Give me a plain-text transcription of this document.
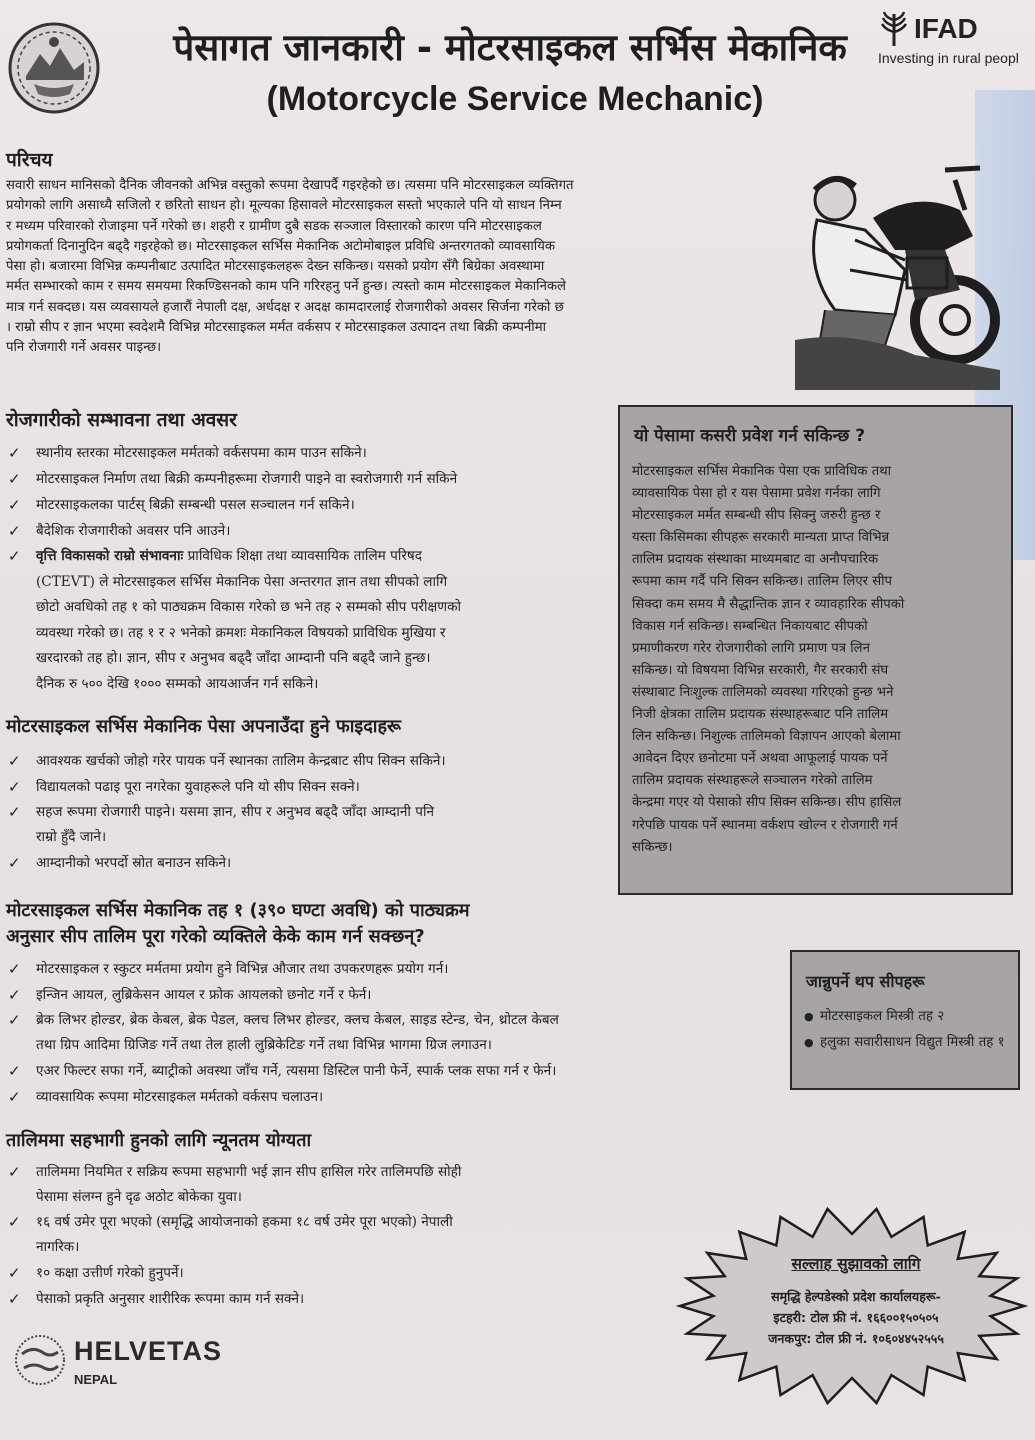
पेसागत जानकारी - मोटरसाइकल सर्भिस मेकानिक
(Motorcycle Service Mechanic)
IFAD
Investing in rural peopl
परिचय
सवारी साधन मानिसको दैनिक जीवनको अभिन्न वस्तुको रूपमा देखापर्दै गइरहेको छ। त्यसमा पनि मोटरसाइकल व्यक्तिगत
प्रयोगको लागि असाध्यै सजिलो र छरितो साधन हो। मूल्यका हिसावले मोटरसाइकल सस्तो भएकाले पनि यो साधन निम्न
र मध्यम परिवारको रोजाइमा पर्ने गरेको छ। शहरी र ग्रामीण दुबै सडक सञ्जाल विस्तारको कारण पनि मोटरसाइकल
प्रयोगकर्ता दिनानुदिन बढ्दै गइरहेको छ। मोटरसाइकल सर्भिस मेकानिक अटोमोबाइल प्रविधि अन्तरगतको व्यावसायिक
पेसा हो। बजारमा विभिन्न कम्पनीबाट उत्पादित मोटरसाइकलहरू देख्न सकिन्छ। यसको प्रयोग सँगै बिग्रेका अवस्थामा
मर्मत सम्भारको काम र समय समयमा रिकण्डिसनको काम पनि गरिरहनु पर्ने हुन्छ। त्यस्तो काम मोटरसाइकल मेकानिकले
मात्र गर्न सक्दछ। यस व्यवसायले हजारौं नेपाली दक्ष, अर्धदक्ष र अदक्ष कामदारलाई रोजगारीको अवसर सिर्जना गरेको छ
। राम्रो सीप र ज्ञान भएमा स्वदेशमै विभिन्न मोटरसाइकल मर्मत वर्कसप र मोटरसाइकल उत्पादन तथा बिक्री कम्पनीमा
पनि रोजगारी गर्ने अवसर पाइन्छ।
रोजगारीको सम्भावना तथा अवसर
✓ स्थानीय स्तरका मोटरसाइकल मर्मतको वर्कसपमा काम पाउन सकिने।
✓ मोटरसाइकल निर्माण तथा बिक्री कम्पनीहरूमा रोजगारी पाइने वा स्वरोजगारी गर्न सकिने
✓ मोटरसाइकलका पार्टस् बिक्री सम्बन्धी पसल सञ्चालन गर्न सकिने।
✓ बैदेशिक रोजगारीको अवसर पनि आउने।
✓ वृत्ति विकासको राम्रो संभावनाः प्राविधिक शिक्षा तथा व्यावसायिक तालिम परिषद
(CTEVT) ले मोटरसाइकल सर्भिस मेकानिक पेसा अन्तरगत ज्ञान तथा सीपको लागि
छोटो अवधिको तह १ को पाठ्यक्रम विकास गरेको छ भने तह २ सम्मको सीप परीक्षणको
व्यवस्था गरेको छ। तह १ र २ भनेको क्रमशः मेकानिकल विषयको प्राविधिक मुखिया र
खरदारको तह हो। ज्ञान, सीप र अनुभव बढ्दै जाँदा आम्दानी पनि बढ्दै जाने हुन्छ।
दैनिक रु ५०० देखि १००० सम्मको आयआर्जन गर्न सकिने।
मोटरसाइकल सर्भिस मेकानिक पेसा अपनाउँदा हुने फाइदाहरू
✓ आवश्यक खर्चको जोहो गरेर पायक पर्ने स्थानका तालिम केन्द्रबाट सीप सिक्न सकिने।
✓ विद्यायलको पढाइ पूरा नगरेका युवाहरूले पनि यो सीप सिक्न सक्ने।
✓ सहज रूपमा रोजगारी पाइने। यसमा ज्ञान, सीप र अनुभव बढ्दै जाँदा आम्दानी पनि
राम्रो हुँदै जाने।
✓ आम्दानीको भरपर्दो स्रोत बनाउन सकिने।
मोटरसाइकल सर्भिस मेकानिक तह १ (३९० घण्टा अवधि) को पाठ्यक्रम
अनुसार सीप तालिम पूरा गरेको व्यक्तिले केके काम गर्न सक्छन्?
✓ मोटरसाइकल र स्कुटर मर्मतमा प्रयोग हुने विभिन्न औजार तथा उपकरणहरू प्रयोग गर्न।
✓ इन्जिन आयल, लुब्रिकेसन आयल र फ्रोक आयलको छनोट गर्ने र फेर्न।
✓ ब्रेक लिभर होल्डर, ब्रेक केबल, ब्रेक पेडल, क्लच लिभर होल्डर, क्लच केबल, साइड स्टेन्ड, चेन, थ्रोटल केबल
तथा ग्रिप आदिमा ग्रिजिङ गर्ने तथा तेल हाली लुब्रिकेटिङ गर्ने तथा विभिन्न भागमा ग्रिज लगाउन।
✓ एअर फिल्टर सफा गर्ने, ब्याट्रीको अवस्था जाँच गर्ने, त्यसमा डिस्टिल पानी फेर्ने, स्पार्क प्लक सफा गर्न र फेर्न।
✓ व्यावसायिक रूपमा मोटरसाइकल मर्मतको वर्कसप चलाउन।
तालिममा सहभागी हुनको लागि न्यूनतम योग्यता
✓ तालिममा नियमित र सक्रिय रूपमा सहभागी भई ज्ञान सीप हासिल गरेर तालिमपछि सोही
पेसामा संलग्न हुने दृढ अठोट बोकेका युवा।
✓ १६ वर्ष उमेर पूरा भएको (समृद्धि आयोजनाको हकमा १८ वर्ष उमेर पूरा भएको) नेपाली
नागरिक।
✓ १० कक्षा उत्तीर्ण गरेको हुनुपर्ने।
✓ पेसाको प्रकृति अनुसार शारीरिक रूपमा काम गर्न सक्ने।
यो पेसामा कसरी प्रवेश गर्न सकिन्छ ?
मोटरसाइकल सर्भिस मेकानिक पेसा एक प्राविधिक तथा
व्यावसायिक पेसा हो र यस पेसामा प्रवेश गर्नका लागि
मोटरसाइकल मर्मत सम्बन्धी सीप सिक्नु जरुरी हुन्छ र
यस्ता किसिमका सीपहरू सरकारी मान्यता प्राप्त विभिन्न
तालिम प्रदायक संस्थाका माध्यमबाट वा अनौपचारिक
रूपमा काम गर्दै पनि सिक्न सकिन्छ। तालिम लिएर सीप
सिक्दा कम समय मै सैद्धान्तिक ज्ञान र व्यावहारिक सीपको
विकास गर्न सकिन्छ। सम्बन्धित निकायबाट सीपको
प्रमाणीकरण गरेर रोजगारीको लागि प्रमाण पत्र लिन
सकिन्छ। यो विषयमा विभिन्न सरकारी, गैर सरकारी संघ
संस्थाबाट निःशुल्क तालिमको व्यवस्था गरिएको हुन्छ भने
निजी क्षेत्रका तालिम प्रदायक संस्थाहरूबाट पनि तालिम
लिन सकिन्छ। निशुल्क तालिमको विज्ञापन आएको बेलामा
आवेदन दिएर छनोटमा पर्ने अथवा आफूलाई पायक पर्ने
तालिम प्रदायक संस्थाहरूले सञ्चालन गरेको तालिम
केन्द्रमा गएर यो पेसाको सीप सिक्न सकिन्छ। सीप हासिल
गरेपछि पायक पर्ने स्थानमा वर्कशप खोल्न र रोजगारी गर्न
सकिन्छ।
जान्नुपर्ने थप सीपहरू
● मोटरसाइकल मिस्त्री तह २
● हलुका सवारीसाधन विद्युत मिस्त्री तह १
सल्लाह सुझावको लागि
समृद्धि हेल्पडेस्को प्रदेश कार्यालयहरू-
इटहरी: टोल फ्री नं. १६६००१५०५०५
जनकपुर: टोल फ्री नं. १०६०४४५२५५५
HELVETAS
NEPAL
